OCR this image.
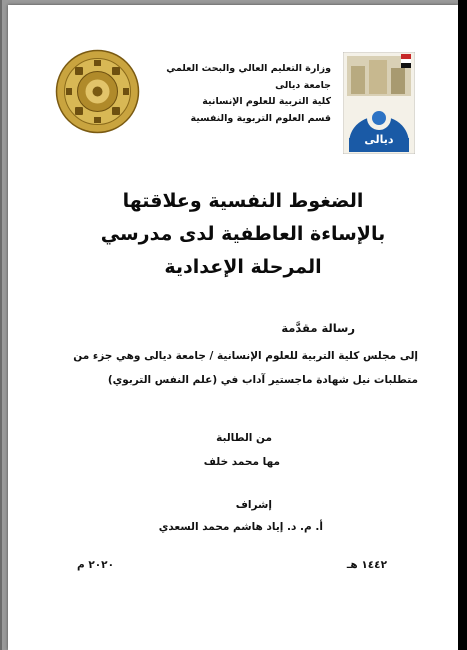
وزارة التعليم العالي والبحث العلمي
جامعة ديالى
كلية التربية للعلوم الإنسانية
قسم العلوم التربوية والنفسية
ديالى
الضغوط النفسية وعلاقتها
بالإساءة العاطفية لدى مدرسي
المرحلة الإعدادية
رسالة مقدَّمة
إلى مجلس كلية التربية للعلوم الإنسانية / جامعة ديالى وهي جزء من
متطلبات نيل شهادة ماجستير آداب في (علم النفس التربوي)
من الطالبة
مها محمد خلف
إشراف
أ. م. د. إياد هاشم محمد السعدي
١٤٤٢ هـ
٢٠٢٠ م
